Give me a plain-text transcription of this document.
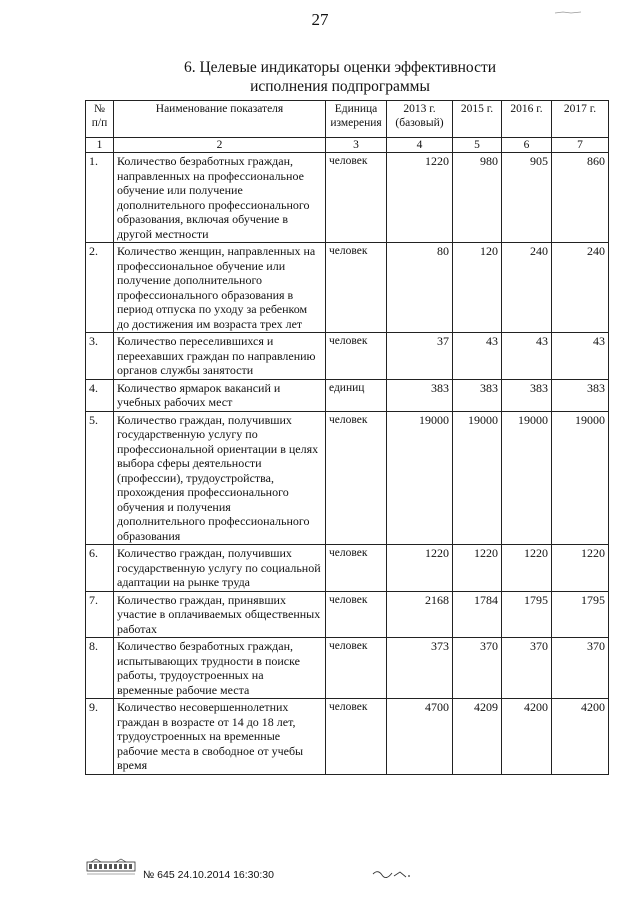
27
6. Целевые индикаторы оценки эффективности
исполнения подпрограммы
№ п/п	Наименование показателя	Единица измерения	2013 г. (базовый)	2015 г.	2016 г.	2017 г.
1	2	3	4	5	6	7
1.	Количество безработных граждан, направленных на профессиональное обучение или получение дополнительного профессионального образования, включая обучение в другой местности	человек	1220	980	905	860
2.	Количество женщин, направленных на профессиональное обучение или получение дополнительного профессионального образования в период отпуска по уходу за ребенком до достижения им возраста трех лет	человек	80	120	240	240
3.	Количество переселившихся и переехавших граждан по направлению органов службы занятости	человек	37	43	43	43
4.	Количество ярмарок вакансий и учебных рабочих мест	единиц	383	383	383	383
5.	Количество граждан, получивших государственную услугу по профессиональной ориентации в целях выбора сферы деятельности (профессии), трудоустройства, прохождения профессионального обучения и получения дополнительного профессионального образования	человек	19000	19000	19000	19000
6.	Количество граждан, получивших государственную услугу по социальной адаптации на рынке труда	человек	1220	1220	1220	1220
7.	Количество граждан, принявших участие в оплачиваемых общественных работах	человек	2168	1784	1795	1795
8.	Количество безработных граждан, испытывающих трудности в поиске работы, трудоустроенных на временные рабочие места	человек	373	370	370	370
9.	Количество несовершеннолетних граждан в возрасте от 14 до 18 лет, трудоустроенных на временные рабочие места в свободное от учебы время	человек	4700	4209	4200	4200
№ 645 24.10.2014 16:30:30
